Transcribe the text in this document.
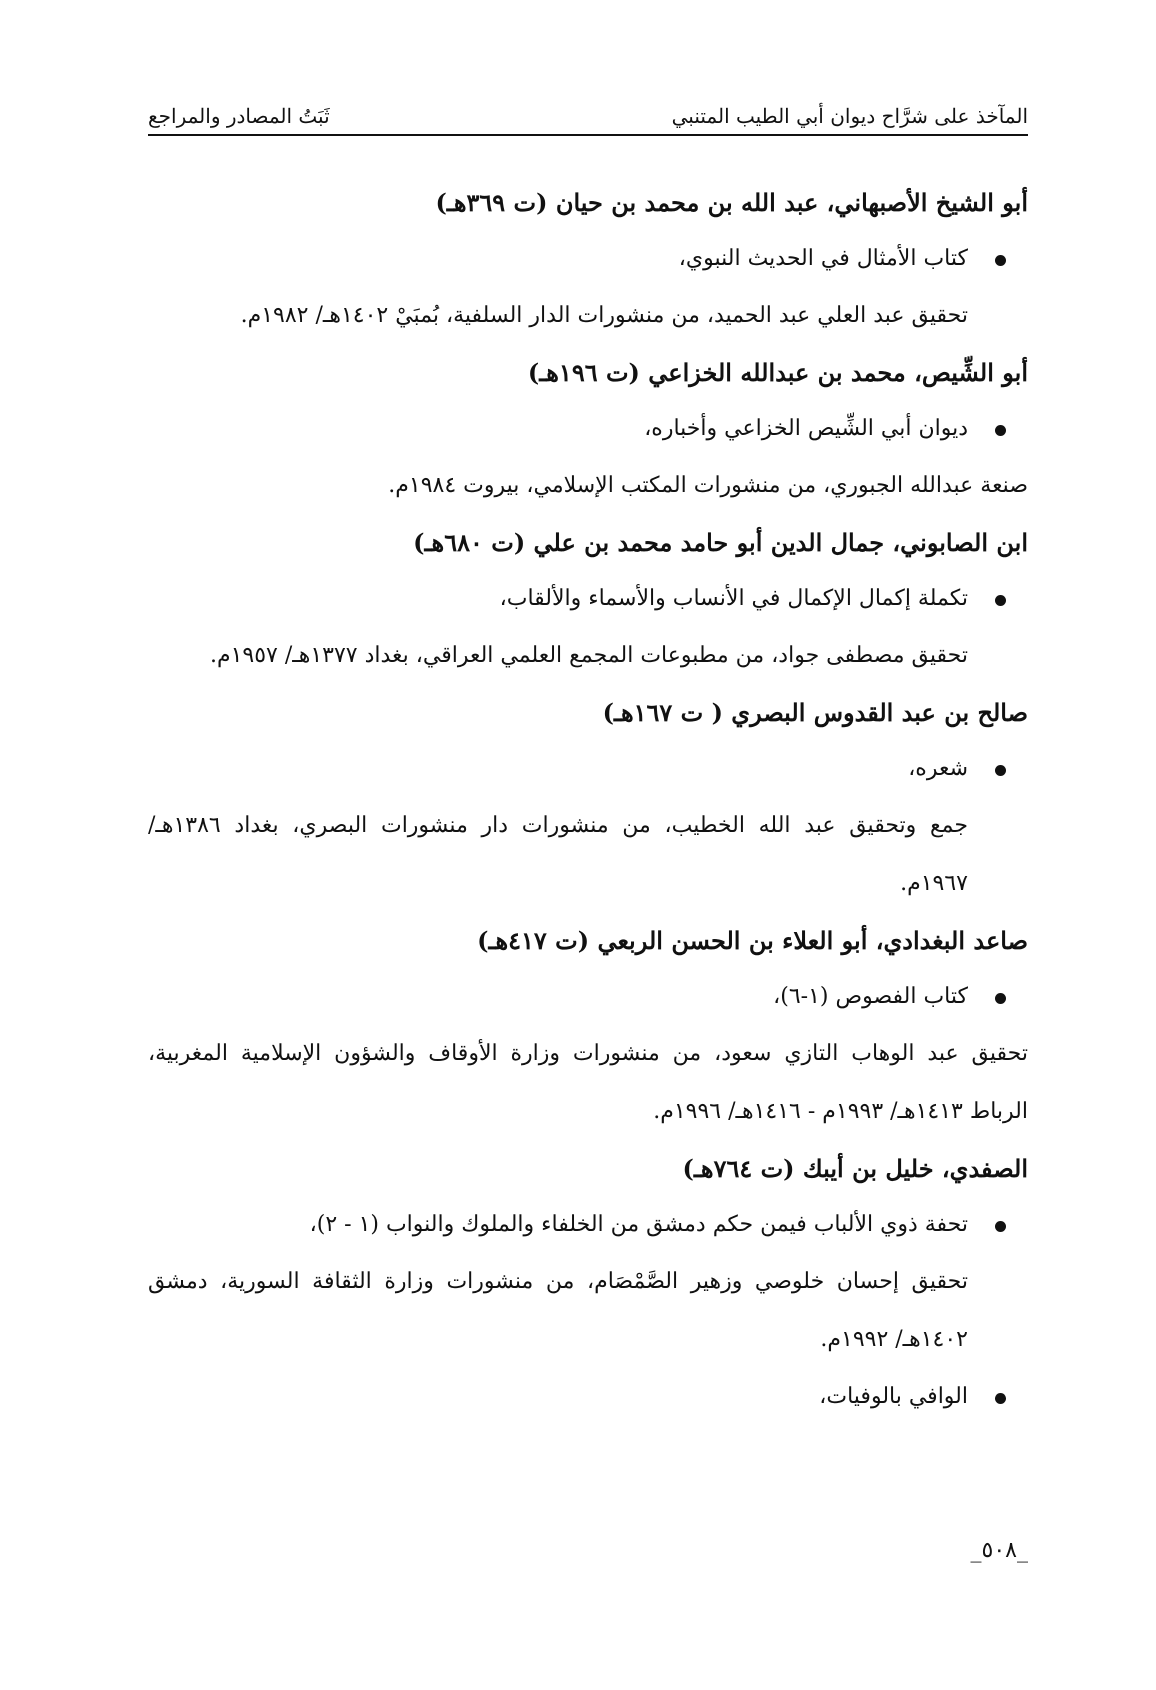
المآخذ على شرَّاح ديوان أبي الطيب المتنبي
ثَبَتُ المصادر والمراجع

أبو الشيخ الأصبهاني، عبد الله بن محمد بن حيان (ت ٣٦٩هـ)

كتاب الأمثال في الحديث النبوي،

تحقيق عبد العلي عبد الحميد، من منشورات الدار السلفية، بُمبَيْ ١٤٠٢هـ/ ١٩٨٢م.

أبو الشِّيص، محمد بن عبدالله الخزاعي (ت ١٩٦هـ)

ديوان أبي الشِّيص الخزاعي وأخباره،

صنعة عبدالله الجبوري، من منشورات المكتب الإسلامي، بيروت ١٩٨٤م.

ابن الصابوني، جمال الدين أبو حامد محمد بن علي (ت ٦٨٠هـ)

تكملة إكمال الإكمال في الأنساب والأسماء والألقاب،

تحقيق مصطفى جواد، من مطبوعات المجمع العلمي العراقي، بغداد ١٣٧٧هـ/ ١٩٥٧م.

صالح بن عبد القدوس البصري ( ت ١٦٧هـ)

شعره،

جمع وتحقيق عبد الله الخطيب، من منشورات دار منشورات البصري، بغداد ١٣٨٦هـ/ ١٩٦٧م.

صاعد البغدادي، أبو العلاء بن الحسن الربعي (ت ٤١٧هـ)

كتاب الفصوص (١-٦)،

تحقيق عبد الوهاب التازي سعود، من منشورات وزارة الأوقاف والشؤون الإسلامية المغربية، الرباط ١٤١٣هـ/ ١٩٩٣م - ١٤١٦هـ/ ١٩٩٦م.

الصفدي، خليل بن أيبك (ت ٧٦٤هـ)

تحفة ذوي الألباب فيمن حكم دمشق من الخلفاء والملوك والنواب (١ - ٢)،

تحقيق إحسان خلوصي وزهير الصَّمْصَام، من منشورات وزارة الثقافة السورية، دمشق ١٤٠٢هـ/ ١٩٩٢م.

الوافي بالوفيات،

_٥٠٨_
